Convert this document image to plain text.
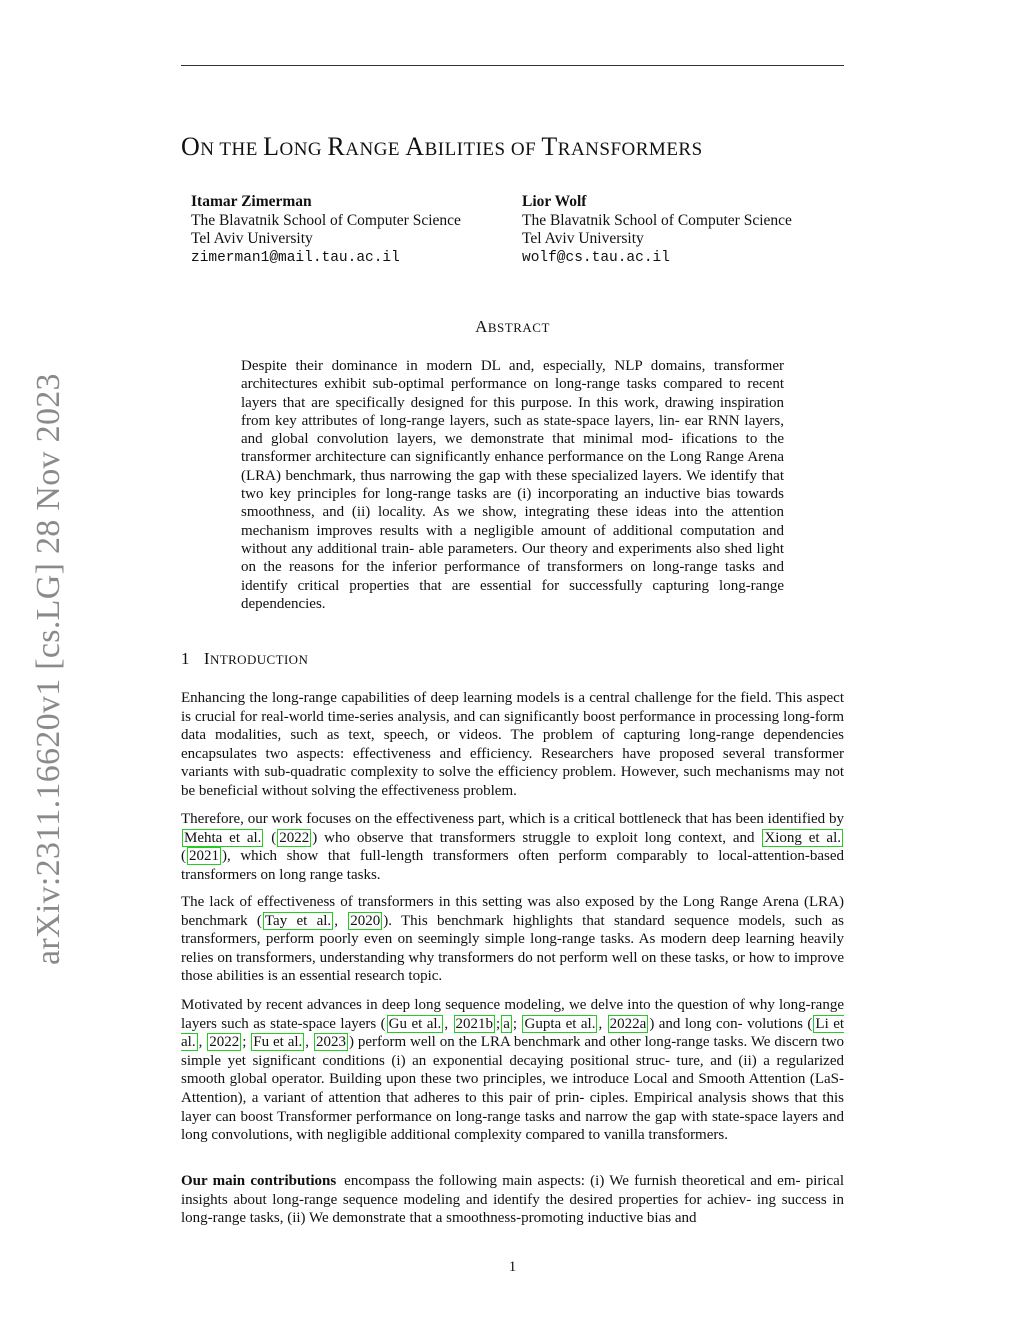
ON THE LONG RANGE ABILITIES OF TRANSFORMERS
Itamar Zimerman
The Blavatnik School of Computer Science
Tel Aviv University
zimerman1@mail.tau.ac.il
Lior Wolf
The Blavatnik School of Computer Science
Tel Aviv University
wolf@cs.tau.ac.il
ABSTRACT

Despite their dominance in modern DL and, especially, NLP domains, transformer architectures exhibit sub-optimal performance on long-range tasks compared to recent layers that are specifically designed for this purpose. In this work, drawing inspiration from key attributes of long-range layers, such as state-space layers, lin- ear RNN layers, and global convolution layers, we demonstrate that minimal mod- ifications to the transformer architecture can significantly enhance performance on the Long Range Arena (LRA) benchmark, thus narrowing the gap with these specialized layers. We identify that two key principles for long-range tasks are (i) incorporating an inductive bias towards smoothness, and (ii) locality. As we show, integrating these ideas into the attention mechanism improves results with a negligible amount of additional computation and without any additional train- able parameters. Our theory and experiments also shed light on the reasons for the inferior performance of transformers on long-range tasks and identify critical properties that are essential for successfully capturing long-range dependencies.

1 INTRODUCTION

Enhancing the long-range capabilities of deep learning models is a central challenge for the field. This aspect is crucial for real-world time-series analysis, and can significantly boost performance in processing long-form data modalities, such as text, speech, or videos. The problem of capturing long-range dependencies encapsulates two aspects: effectiveness and efficiency. Researchers have proposed several transformer variants with sub-quadratic complexity to solve the efficiency problem. However, such mechanisms may not be beneficial without solving the effectiveness problem.

Therefore, our work focuses on the effectiveness part, which is a critical bottleneck that has been identified by Mehta et al. ( 2022 ) who observe that transformers struggle to exploit long context, and Xiong et al. ( 2021 ), which show that full-length transformers often perform comparably to local-attention-based transformers on long range tasks.

The lack of effectiveness of transformers in this setting was also exposed by the Long Range Arena (LRA) benchmark ( Tay et al. , 2020 ). This benchmark highlights that standard sequence models, such as transformers, perform poorly even on seemingly simple long-range tasks. As modern deep learning heavily relies on transformers, understanding why transformers do not perform well on these tasks, or how to improve those abilities is an essential research topic.

Motivated by recent advances in deep long sequence modeling, we delve into the question of why long-range layers such as state-space layers ( Gu et al. , 2021b ; a ; Gupta et al. , 2022a ) and long con- volutions ( Li et al. , 2022 ; Fu et al. , 2023 ) perform well on the LRA benchmark and other long-range tasks. We discern two simple yet significant conditions (i) an exponential decaying positional struc- ture, and (ii) a regularized smooth global operator. Building upon these two principles, we introduce Local and Smooth Attention (LaS-Attention), a variant of attention that adheres to this pair of prin- ciples. Empirical analysis shows that this layer can boost Transformer performance on long-range tasks and narrow the gap with state-space layers and long convolutions, with negligible additional complexity compared to vanilla transformers.

Our main contributions encompass the following main aspects: (i) We furnish theoretical and em- pirical insights about long-range sequence modeling and identify the desired properties for achiev- ing success in long-range tasks, (ii) We demonstrate that a smoothness-promoting inductive bias and

1
arXiv:2311.16620v1 [cs.LG] 28 Nov 2023
